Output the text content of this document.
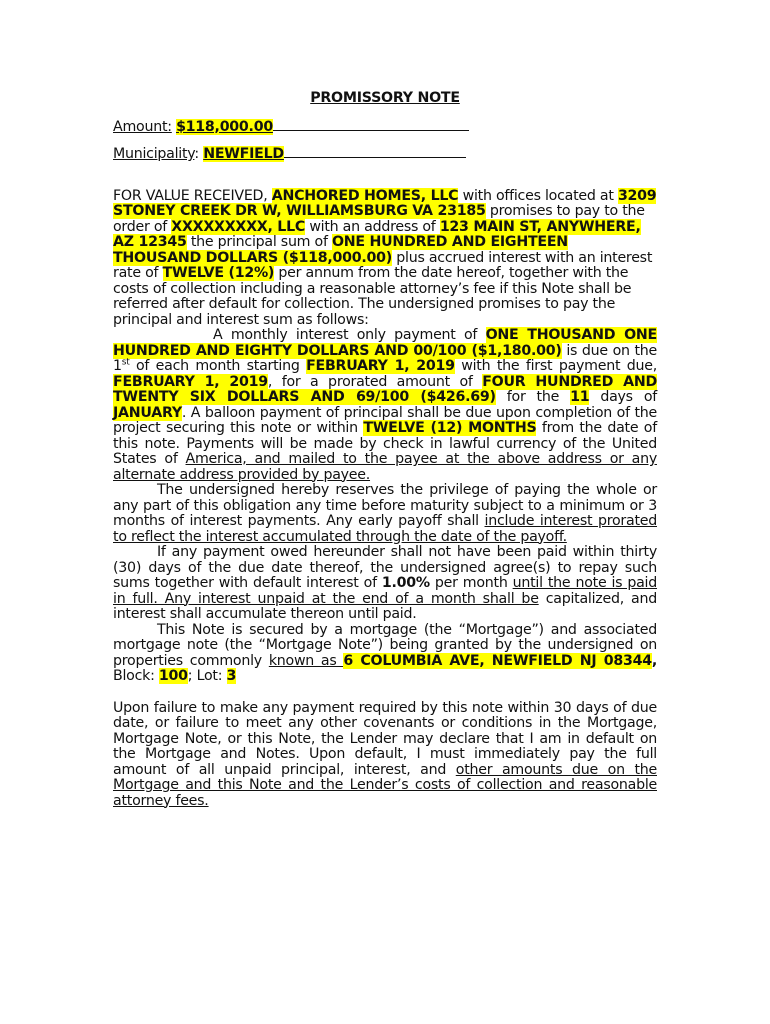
PROMISSORY NOTE
Amount: $118,000.00
Municipality: NEWFIELD

FOR VALUE RECEIVED, ANCHORED HOMES, LLC with offices located at 3209 STONEY CREEK DR W, WILLIAMSBURG VA 23185 promises to pay to the order of XXXXXXXXX, LLC with an address of 123 MAIN ST, ANYWHERE, AZ 12345 the principal sum of ONE HUNDRED AND EIGHTEEN THOUSAND DOLLARS ($118,000.00) plus accrued interest with an interest rate of TWELVE (12%) per annum from the date hereof, together with the costs of collection including a reasonable attorney’s fee if this Note shall be referred after default for collection. The undersigned promises to pay the principal and interest sum as follows:

A monthly interest only payment of ONE THOUSAND ONE HUNDRED AND EIGHTY DOLLARS AND 00/100 ($1,180.00) is due on the 1st of each month starting FEBRUARY 1, 2019 with the first payment due, FEBRUARY 1, 2019, for a prorated amount of FOUR HUNDRED AND TWENTY SIX DOLLARS AND 69/100 ($426.69) for the 11 days of JANUARY. A balloon payment of principal shall be due upon completion of the project securing this note or within TWELVE (12) MONTHS from the date of this note. Payments will be made by check in lawful currency of the United States of America, and mailed to the payee at the above address or any alternate address provided by payee.

The undersigned hereby reserves the privilege of paying the whole or any part of this obligation any time before maturity subject to a minimum or 3 months of interest payments. Any early payoff shall include interest prorated to reflect the interest accumulated through the date of the payoff.

If any payment owed hereunder shall not have been paid within thirty (30) days of the due date thereof, the undersigned agree(s) to repay such sums together with default interest of 1.00% per month until the note is paid in full. Any interest unpaid at the end of a month shall be capitalized, and interest shall accumulate thereon until paid.

This Note is secured by a mortgage (the “Mortgage”) and associated mortgage note (the “Mortgage Note”) being granted by the undersigned on properties commonly known as 6 COLUMBIA AVE, NEWFIELD NJ 08344, Block: 100; Lot: 3

Upon failure to make any payment required by this note within 30 days of due date, or failure to meet any other covenants or conditions in the Mortgage, Mortgage Note, or this Note, the Lender may declare that I am in default on the Mortgage and Notes. Upon default, I must immediately pay the full amount of all unpaid principal, interest, and other amounts due on the Mortgage and this Note and the Lender’s costs of collection and reasonable attorney fees.
